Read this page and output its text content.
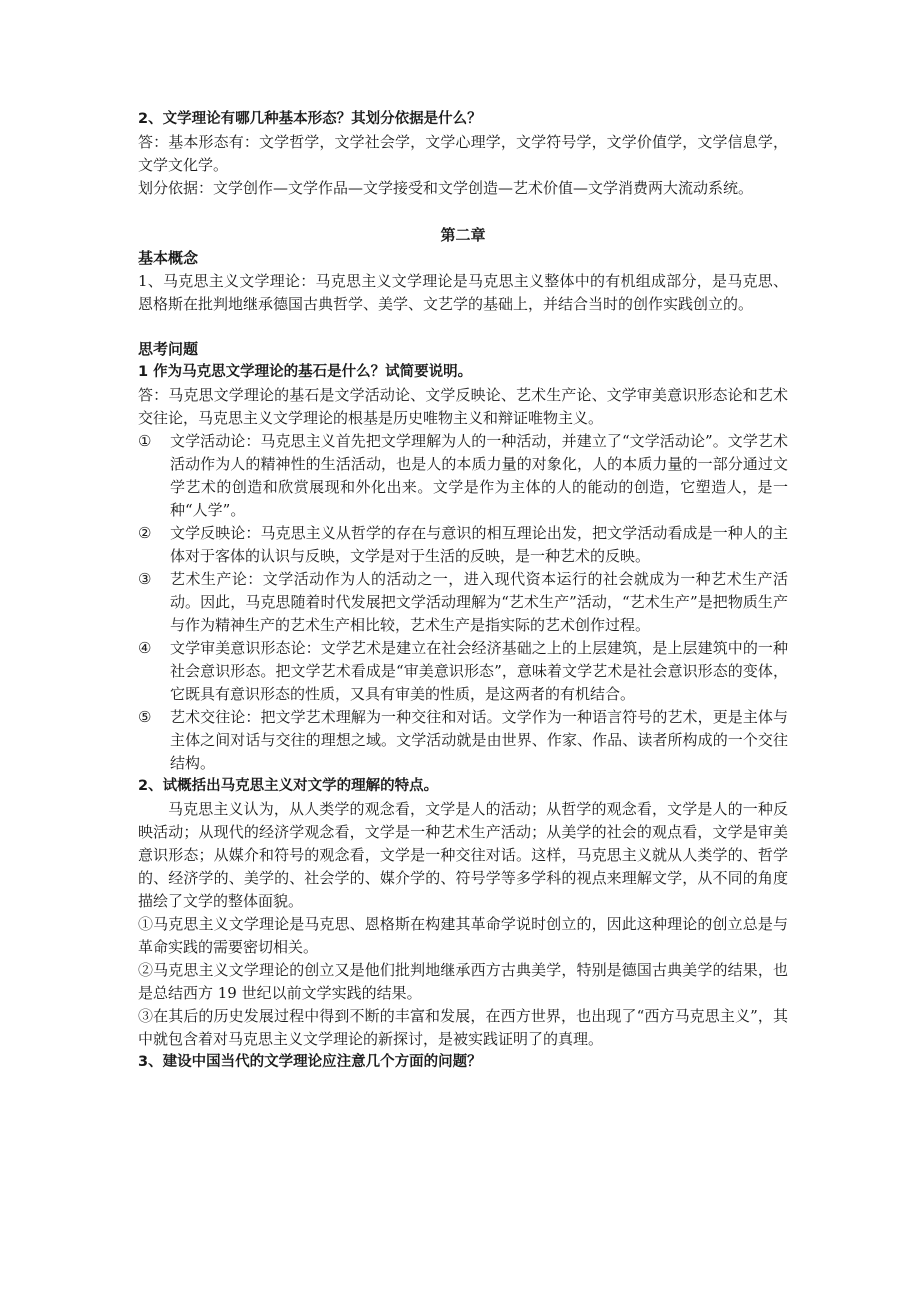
2、文学理论有哪几种基本形态？其划分依据是什么？

答：基本形态有：文学哲学，文学社会学，文学心理学，文学符号学，文学价值学，文学信息学，文学文化学。

划分依据：文学创作—文学作品—文学接受和文学创造—艺术价值—文学消费两大流动系统。

第二章

基本概念

1、马克思主义文学理论：马克思主义文学理论是马克思主义整体中的有机组成部分，是马克思、恩格斯在批判地继承德国古典哲学、美学、文艺学的基础上，并结合当时的创作实践创立的。

思考问题

1 作为马克思文学理论的基石是什么？试简要说明。

答：马克思文学理论的基石是文学活动论、文学反映论、艺术生产论、文学审美意识形态论和艺术交往论，马克思主义文学理论的根基是历史唯物主义和辩证唯物主义。

①	文学活动论：马克思主义首先把文学理解为人的一种活动，并建立了“文学活动论”。文学艺术活动作为人的精神性的生活活动，也是人的本质力量的对象化，人的本质力量的一部分通过文学艺术的创造和欣赏展现和外化出来。文学是作为主体的人的能动的创造，它塑造人，是一种“人学”。
②	文学反映论：马克思主义从哲学的存在与意识的相互理论出发，把文学活动看成是一种人的主体对于客体的认识与反映，文学是对于生活的反映，是一种艺术的反映。
③	艺术生产论：文学活动作为人的活动之一，进入现代资本运行的社会就成为一种艺术生产活动。因此，马克思随着时代发展把文学活动理解为“艺术生产”活动，“艺术生产”是把物质生产与作为精神生产的艺术生产相比较，艺术生产是指实际的艺术创作过程。
④	文学审美意识形态论：文学艺术是建立在社会经济基础之上的上层建筑，是上层建筑中的一种社会意识形态。把文学艺术看成是“审美意识形态”，意味着文学艺术是社会意识形态的变体，它既具有意识形态的性质，又具有审美的性质，是这两者的有机结合。
⑤	艺术交往论：把文学艺术理解为一种交往和对话。文学作为一种语言符号的艺术，更是主体与主体之间对话与交往的理想之域。文学活动就是由世界、作家、作品、读者所构成的一个交往结构。

2、试概括出马克思主义对文学的理解的特点。

马克思主义认为，从人类学的观念看，文学是人的活动；从哲学的观念看，文学是人的一种反映活动；从现代的经济学观念看，文学是一种艺术生产活动；从美学的社会的观点看，文学是审美意识形态；从媒介和符号的观念看，文学是一种交往对话。这样，马克思主义就从人类学的、哲学的、经济学的、美学的、社会学的、媒介学的、符号学等多学科的视点来理解文学，从不同的角度描绘了文学的整体面貌。

①马克思主义文学理论是马克思、恩格斯在构建其革命学说时创立的，因此这种理论的创立总是与革命实践的需要密切相关。

②马克思主义文学理论的创立又是他们批判地继承西方古典美学，特别是德国古典美学的结果，也是总结西方 19 世纪以前文学实践的结果。

③在其后的历史发展过程中得到不断的丰富和发展，在西方世界，也出现了“西方马克思主义”，其中就包含着对马克思主义文学理论的新探讨，是被实践证明了的真理。

3、建设中国当代的文学理论应注意几个方面的问题？
